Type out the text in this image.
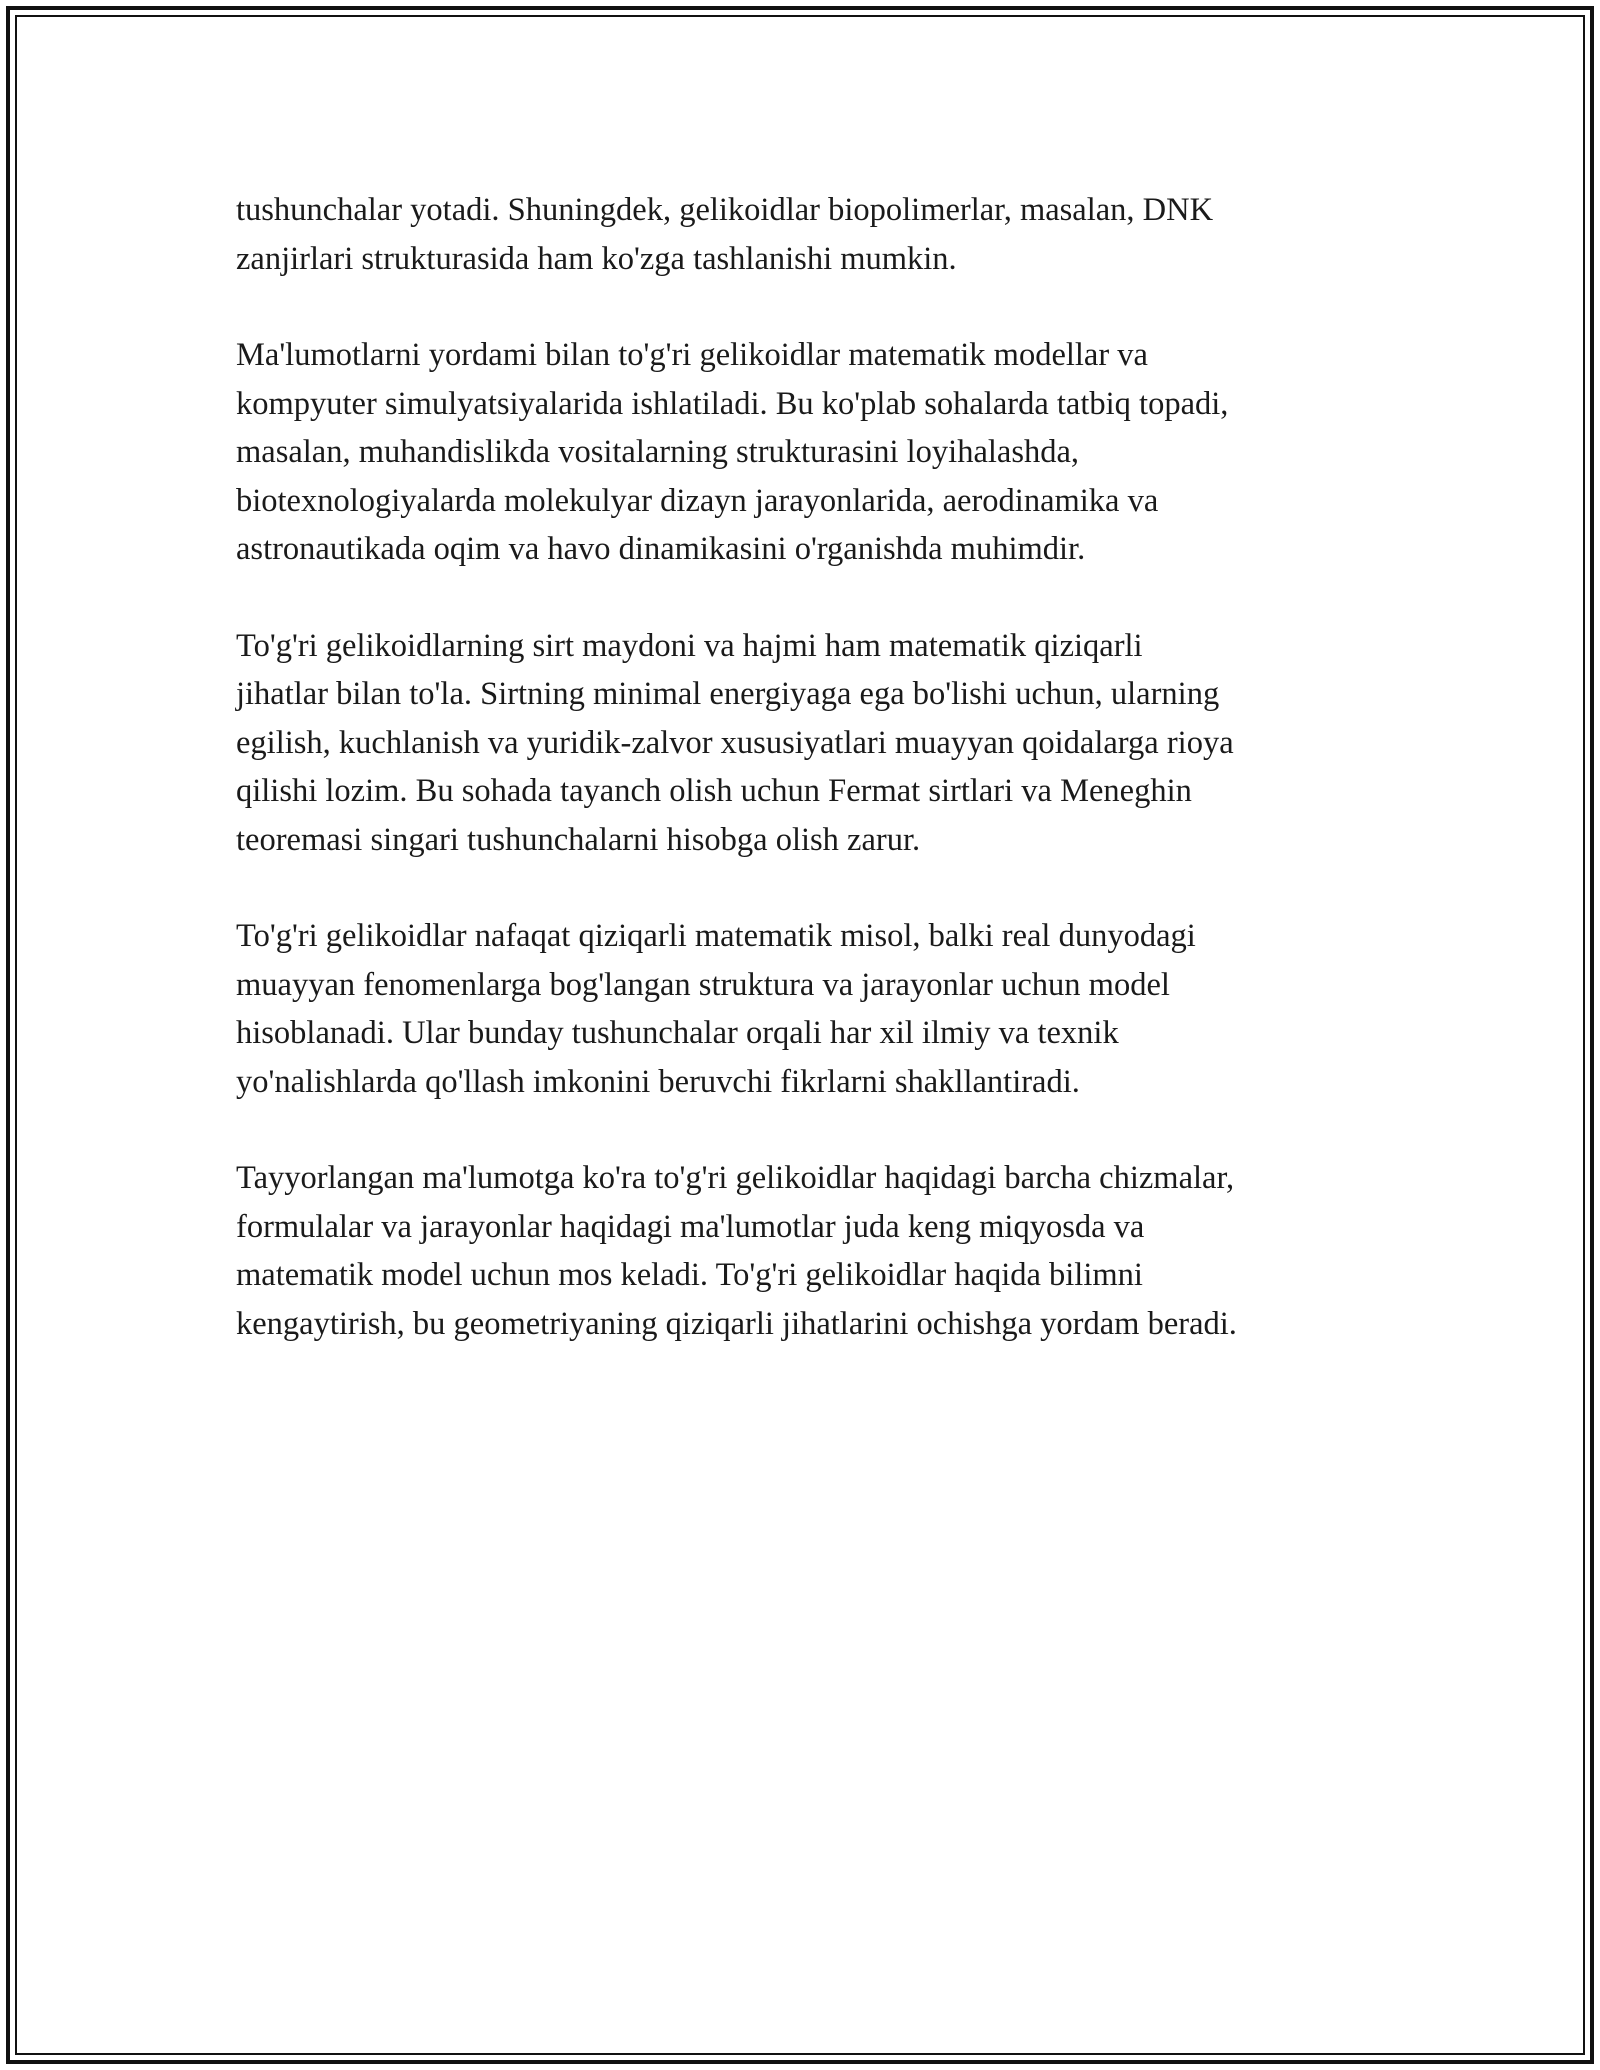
tushunchalar yotadi. Shuningdek, gelikoidlar biopolimerlar, masalan, DNK
zanjirlari strukturasida ham ko'zga tashlanishi mumkin.

Ma'lumotlarni yordami bilan to'g'ri gelikoidlar matematik modellar va
kompyuter simulyatsiyalarida ishlatiladi. Bu ko'plab sohalarda tatbiq topadi,
masalan, muhandislikda vositalarning strukturasini loyihalashda,
biotexnologiyalarda molekulyar dizayn jarayonlarida, aerodinamika va
astronautikada oqim va havo dinamikasini o'rganishda muhimdir.

To'g'ri gelikoidlarning sirt maydoni va hajmi ham matematik qiziqarli
jihatlar bilan to'la. Sirtning minimal energiyaga ega bo'lishi uchun, ularning
egilish, kuchlanish va yuridik-zalvor xususiyatlari muayyan qoidalarga rioya
qilishi lozim. Bu sohada tayanch olish uchun Fermat sirtlari va Meneghin
teoremasi singari tushunchalarni hisobga olish zarur.

To'g'ri gelikoidlar nafaqat qiziqarli matematik misol, balki real dunyodagi
muayyan fenomenlarga bog'langan struktura va jarayonlar uchun model
hisoblanadi. Ular bunday tushunchalar orqali har xil ilmiy va texnik
yo'nalishlarda qo'llash imkonini beruvchi fikrlarni shakllantiradi.

Tayyorlangan ma'lumotga ko'ra to'g'ri gelikoidlar haqidagi barcha chizmalar,
formulalar va jarayonlar haqidagi ma'lumotlar juda keng miqyosda va
matematik model uchun mos keladi. To'g'ri gelikoidlar haqida bilimni
kengaytirish, bu geometriyaning qiziqarli jihatlarini ochishga yordam beradi.
